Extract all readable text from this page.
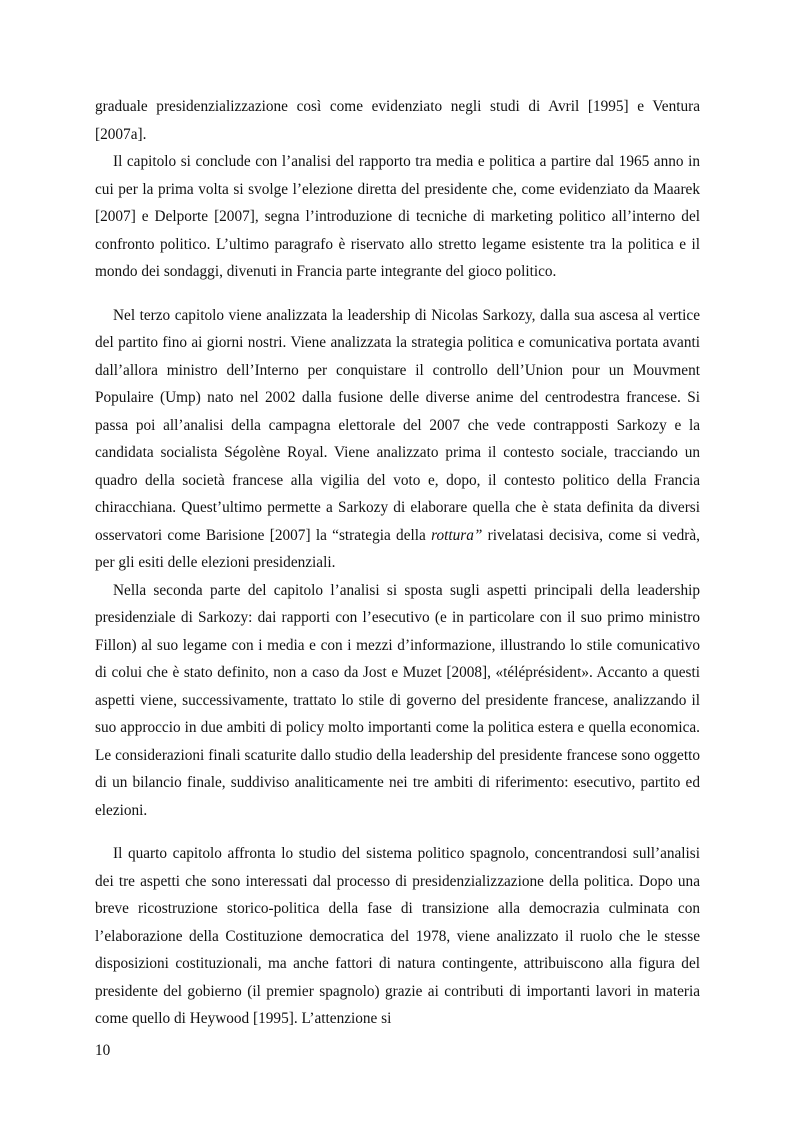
graduale presidenzializzazione così come evidenziato negli studi di Avril [1995] e Ventura [2007a].

Il capitolo si conclude con l’analisi del rapporto tra media e politica a partire dal 1965 anno in cui per la prima volta si svolge l’elezione diretta del presidente che, come evidenziato da Maarek [2007] e Delporte [2007], segna l’introduzione di tecniche di marketing politico all’interno del confronto politico. L’ultimo paragrafo è riservato allo stretto legame esistente tra la politica e il mondo dei sondaggi, divenuti in Francia parte integrante del gioco politico.

Nel terzo capitolo viene analizzata la leadership di Nicolas Sarkozy, dalla sua ascesa al vertice del partito fino ai giorni nostri. Viene analizzata la strategia politica e comunicativa portata avanti dall’allora ministro dell’Interno per conquistare il controllo dell’Union pour un Mouvment Populaire (Ump) nato nel 2002 dalla fusione delle diverse anime del centrodestra francese. Si passa poi all’analisi della campagna elettorale del 2007 che vede contrapposti Sarkozy e la candidata socialista Ségolène Royal. Viene analizzato prima il contesto sociale, tracciando un quadro della società francese alla vigilia del voto e, dopo, il contesto politico della Francia chiracchiana. Quest’ultimo permette a Sarkozy di elaborare quella che è stata definita da diversi osservatori come Barisione [2007] la “strategia della rottura” rivelatasi decisiva, come si vedrà, per gli esiti delle elezioni presidenziali.

Nella seconda parte del capitolo l’analisi si sposta sugli aspetti principali della leadership presidenziale di Sarkozy: dai rapporti con l’esecutivo (e in particolare con il suo primo ministro Fillon) al suo legame con i media e con i mezzi d’informazione, illustrando lo stile comunicativo di colui che è stato definito, non a caso da Jost e Muzet [2008], «téléprésident». Accanto a questi aspetti viene, successivamente, trattato lo stile di governo del presidente francese, analizzando il suo approccio in due ambiti di policy molto importanti come la politica estera e quella economica. Le considerazioni finali scaturite dallo studio della leadership del presidente francese sono oggetto di un bilancio finale, suddiviso analiticamente nei tre ambiti di riferimento: esecutivo, partito ed elezioni.

Il quarto capitolo affronta lo studio del sistema politico spagnolo, concentrandosi sull’analisi dei tre aspetti che sono interessati dal processo di presidenzializzazione della politica. Dopo una breve ricostruzione storico-politica della fase di transizione alla democrazia culminata con l’elaborazione della Costituzione democratica del 1978, viene analizzato il ruolo che le stesse disposizioni costituzionali, ma anche fattori di natura contingente, attribuiscono alla figura del presidente del gobierno (il premier spagnolo) grazie ai contributi di importanti lavori in materia come quello di Heywood [1995]. L’attenzione si

10
